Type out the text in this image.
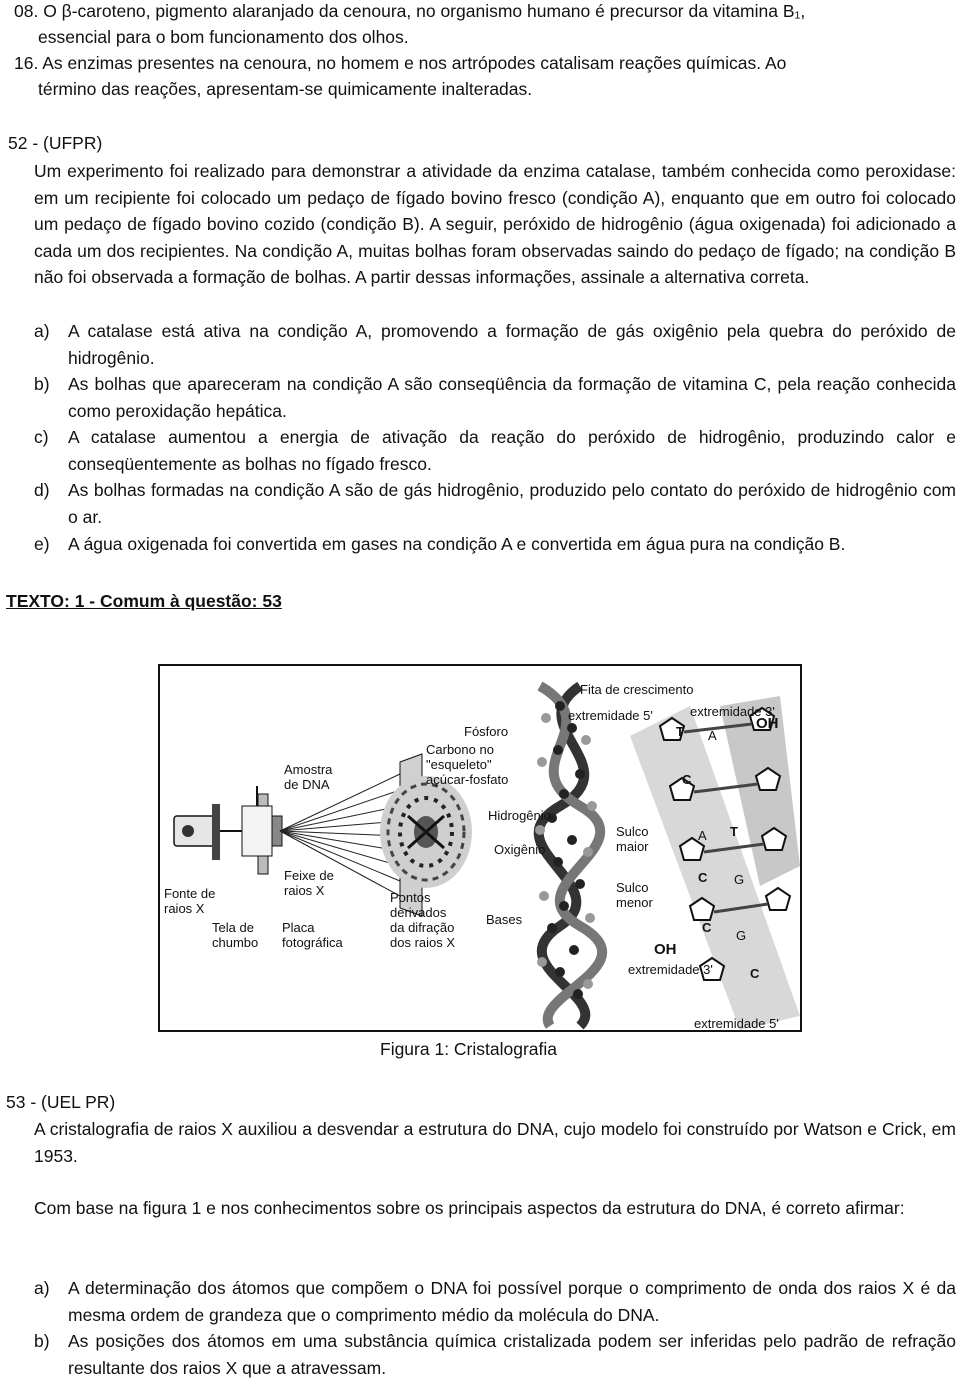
08. O β-caroteno, pigmento alaranjado da cenoura, no organismo humano é precursor da vitamina B₁,
essencial para o bom funcionamento dos olhos.
16. As enzimas presentes na cenoura, no homem e nos artrópodes catalisam reações químicas. Ao
término das reações, apresentam-se quimicamente inalteradas.
52 - (UFPR)
Um experimento foi realizado para demonstrar a atividade da enzima catalase, também conhecida como peroxidase: em um recipiente foi colocado um pedaço de fígado bovino fresco (condição A), enquanto que em outro foi colocado um pedaço de fígado bovino cozido (condição B). A seguir, peróxido de hidrogênio (água oxigenada) foi adicionado a cada um dos recipientes. Na condição A, muitas bolhas foram observadas saindo do pedaço de fígado; na condição B não foi observada a formação de bolhas. A partir dessas informações, assinale a alternativa correta.
a) A catalase está ativa na condição A, promovendo a formação de gás oxigênio pela quebra do peróxido de hidrogênio.
b) As bolhas que apareceram na condição A são conseqüência da formação de vitamina C, pela reação conhecida como peroxidação hepática.
c) A catalase aumentou a energia de ativação da reação do peróxido de hidrogênio, produzindo calor e conseqüentemente as bolhas no fígado fresco.
d) As bolhas formadas na condição A são de gás hidrogênio, produzido pelo contato do peróxido de hidrogênio com o ar.
e) A água oxigenada foi convertida em gases na condição A e convertida em água pura na condição B.
TEXTO: 1 - Comum à questão: 53
T A
C
A T
C G
C
G
C
Fita de crescimento
extremidade 5'	extremidade 3'
OH
Fósforo
Carbono no
"esqueleto"
açúcar-fosfato
Amostra
de DNA
Hidrogênio
Oxigênio
Sulco
maior
Sulco
menor
Fonte de
raios X
Feixe de
raios X	Pontos
derivados
da difração
dos raios X
Tela de
chumbo
Placa
fotográfica
Bases
OH
extremidade 3'
extremidade 5'
Figura 1: Cristalografia
53 - (UEL PR)
A cristalografia de raios X auxiliou a desvendar a estrutura do DNA, cujo modelo foi construído por Watson e Crick, em 1953.
Com base na figura 1 e nos conhecimentos sobre os principais aspectos da estrutura do DNA, é correto afirmar:
a) A determinação dos átomos que compõem o DNA foi possível porque o comprimento de onda dos raios X é da mesma ordem de grandeza que o comprimento médio da molécula do DNA.
b) As posições dos átomos em uma substância química cristalizada podem ser inferidas pelo padrão de refração resultante dos raios X que a atravessam.
